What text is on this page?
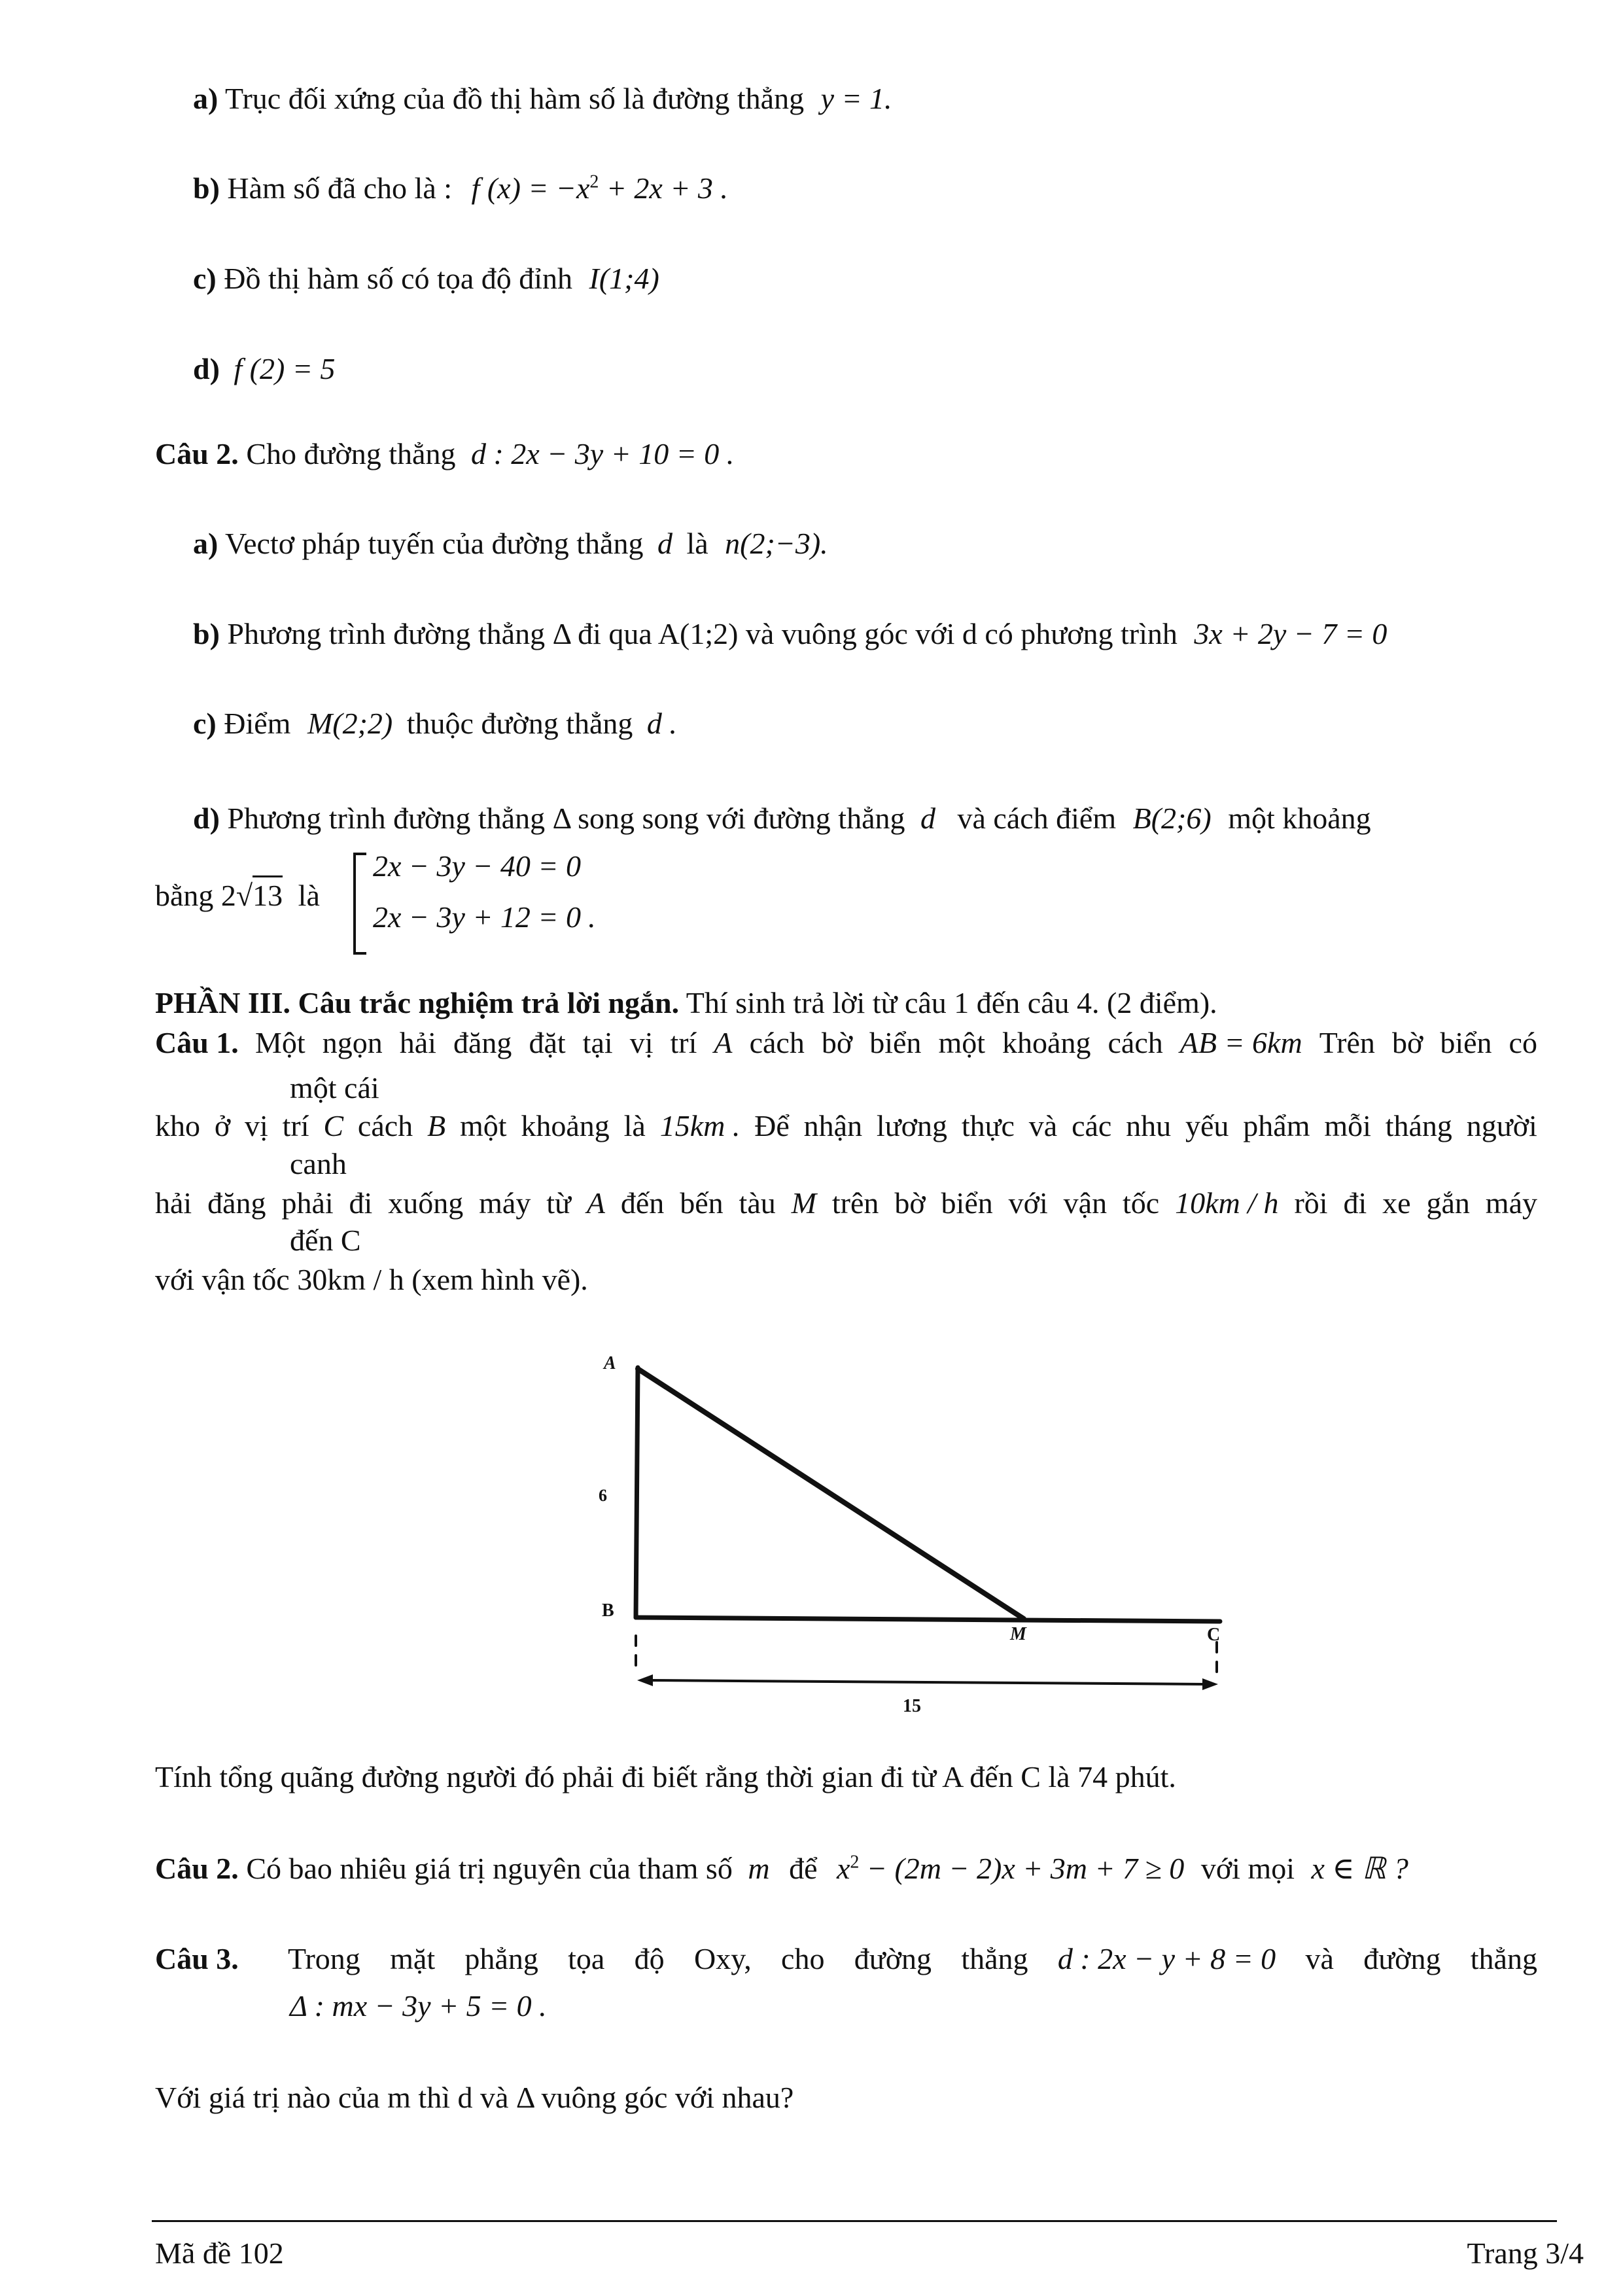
a) Trục đối xứng của đồ thị hàm số là đường thẳng y = 1.
b) Hàm số đã cho là : f $(x) = -x^2 + 2x + 3$ .
c) Đồ thị hàm số có tọa độ đỉnh I(1;4)
d) f (2) = 5
Câu 2. Cho đường thẳng d : 2x − 3y + 10 = 0 .
a) Vectơ pháp tuyến của đường thẳng d là n(2;−3).
b) Phương trình đường thẳng Δ đi qua A(1;2) và vuông góc với d có phương trình 3x + 2y − 7 = 0
c) Điểm M(2;2) thuộc đường thẳng d .
d) Phương trình đường thẳng Δ song song với đường thẳng d và cách điểm B(2;6) một khoảng
bằng 2√13 là
2x − 3y − 40 = 0
2x − 3y + 12 = 0 .
PHẦN III. Câu trắc nghiệm trả lời ngắn. Thí sinh trả lời từ câu 1 đến câu 4. (2 điểm).
Câu 1. Một ngọn hải đăng đặt tại vị trí A cách bờ biển một khoảng cách AB = 6km Trên bờ biển có
một cái
kho ở vị trí C cách B một khoảng là 15km . Để nhận lương thực và các nhu yếu phẩm mỗi tháng người
canh
hải đăng phải đi xuống máy từ A đến bến tàu M trên bờ biển với vận tốc 10km / h rồi đi xe gắn máy
đến C
với vận tốc 30km / h (xem hình vẽ).
A
6
B
M	C
15
Tính tổng quãng đường người đó phải đi biết rằng thời gian đi từ A đến C là 74 phút.
Câu 2. Có bao nhiêu giá trị nguyên của tham số m để $x^2 - (2m - 2)x + 3m + 7 \ge 0$ với mọi x ∈ ℝ ?
Câu 3. Trong mặt phẳng tọa độ Oxy, cho đường thẳng d : 2x − y + 8 = 0 và đường thẳng
Δ : mx − 3y + 5 = 0 .
Với giá trị nào của m thì d và Δ vuông góc với nhau?
Mã đề 102	Trang 3/4
